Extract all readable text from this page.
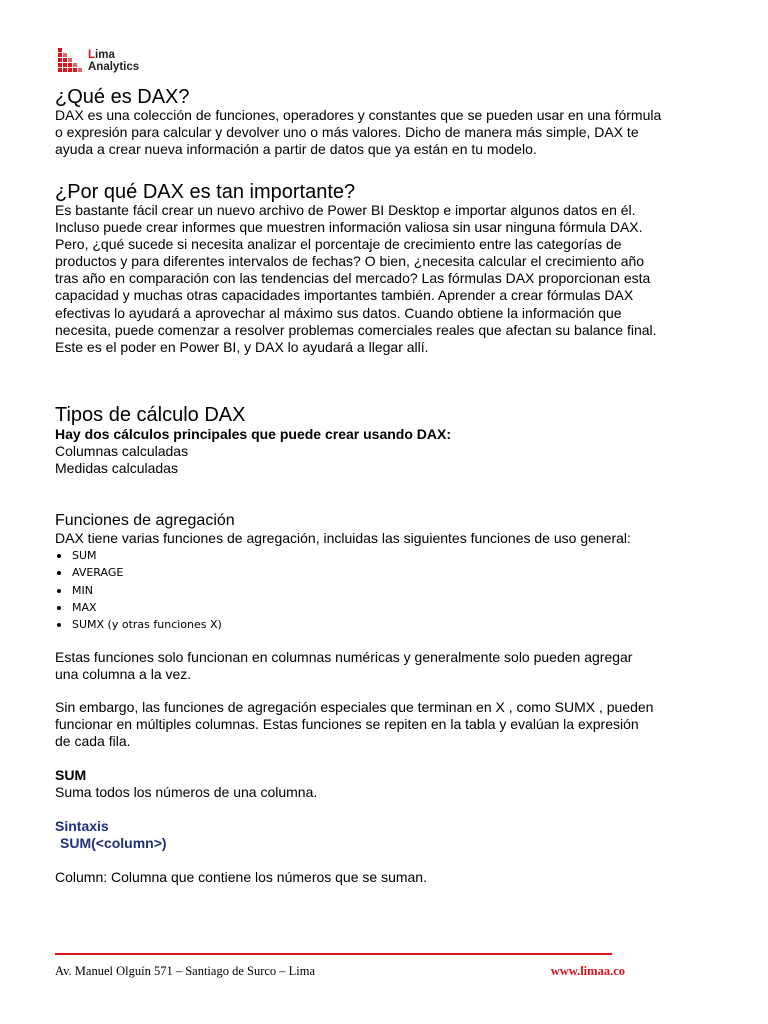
Lima
Analytics
¿Qué es DAX?

DAX es una colección de funciones, operadores y constantes que se pueden usar en una fórmula

o expresión para calcular y devolver uno o más valores. Dicho de manera más simple, DAX te

ayuda a crear nueva información a partir de datos que ya están en tu modelo.

¿Por qué DAX es tan importante?

Es bastante fácil crear un nuevo archivo de Power BI Desktop e importar algunos datos en él.

Incluso puede crear informes que muestren información valiosa sin usar ninguna fórmula DAX.

Pero, ¿qué sucede si necesita analizar el porcentaje de crecimiento entre las categorías de

productos y para diferentes intervalos de fechas? O bien, ¿necesita calcular el crecimiento año

tras año en comparación con las tendencias del mercado? Las fórmulas DAX proporcionan esta

capacidad y muchas otras capacidades importantes también. Aprender a crear fórmulas DAX

efectivas lo ayudará a aprovechar al máximo sus datos. Cuando obtiene la información que

necesita, puede comenzar a resolver problemas comerciales reales que afectan su balance final.

Este es el poder en Power BI, y DAX lo ayudará a llegar allí.

Tipos de cálculo DAX

Hay dos cálculos principales que puede crear usando DAX:

Columnas calculadas

Medidas calculadas

Funciones de agregación

DAX tiene varias funciones de agregación, incluidas las siguientes funciones de uso general:

SUM
AVERAGE
MIN
MAX
SUMX (y otras funciones X)

Estas funciones solo funcionan en columnas numéricas y generalmente solo pueden agregar

una columna a la vez.

Sin embargo, las funciones de agregación especiales que terminan en X , como SUMX , pueden

funcionar en múltiples columnas. Estas funciones se repiten en la tabla y evalúan la expresión

de cada fila.

SUM

Suma todos los números de una columna.

Sintaxis

SUM(<column>)

Column: Columna que contiene los números que se suman.

Av. Manuel Olguín 571 – Santiago de Surco – Lima	www.limaa.co
